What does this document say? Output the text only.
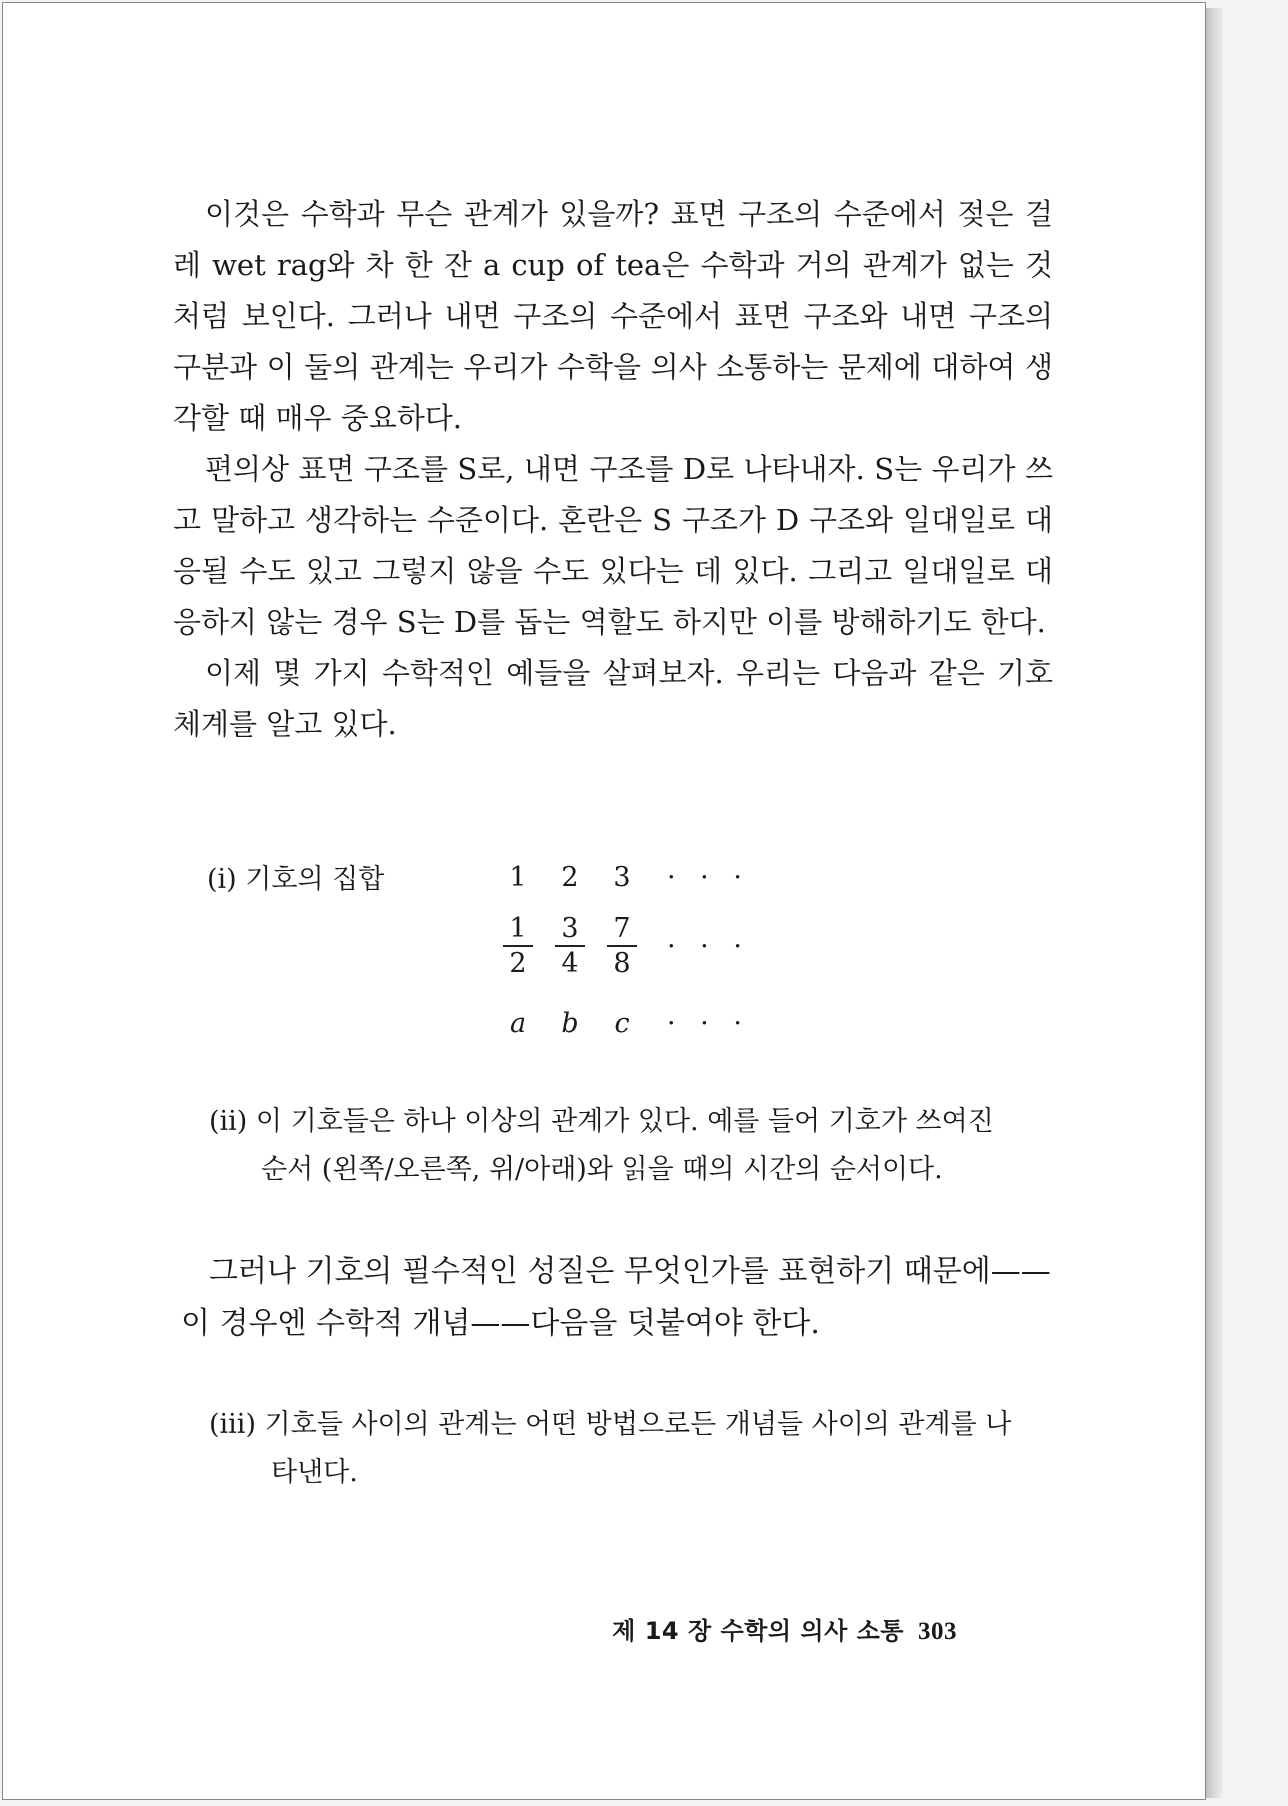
이것은 수학과 무슨 관계가 있을까? 표면 구조의 수준에서 젖은 걸레 wet rag와 차 한 잔 a cup of tea은 수학과 거의 관계가 없는 것처럼 보인다. 그러나 내면 구조의 수준에서 표면 구조와 내면 구조의 구분과 이 둘의 관계는 우리가 수학을 의사 소통하는 문제에 대하여 생각할 때 매우 중요하다.

편의상 표면 구조를 S로, 내면 구조를 D로 나타내자. S는 우리가 쓰고 말하고 생각하는 수준이다. 혼란은 S 구조가 D 구조와 일대일로 대응될 수도 있고 그렇지 않을 수도 있다는 데 있다. 그리고 일대일로 대응하지 않는 경우 S는 D를 돕는 역할도 하지만 이를 방해하기도 한다.

이제 몇 가지 수학적인 예들을 살펴보자. 우리는 다음과 같은 기호 체계를 알고 있다.

(i) 기호의 집합	1 2 3 · · ·
$\frac{1}{2} \frac{3}{4} \frac{7}{8}$ · · ·
a b c · · ·
(ii) 이 기호들은 하나 이상의 관계가 있다. 예를 들어 기호가 쓰여진
순서 (왼쪽/오른쪽, 위/아래)와 읽을 때의 시간의 순서이다.

그러나 기호의 필수적인 성질은 무엇인가를 표현하기 때문에——

이 경우엔 수학적 개념——다음을 덧붙여야 한다.

(iii) 기호들 사이의 관계는 어떤 방법으로든 개념들 사이의 관계를 나
타낸다.
제 14 장 수학의 의사 소통 303
